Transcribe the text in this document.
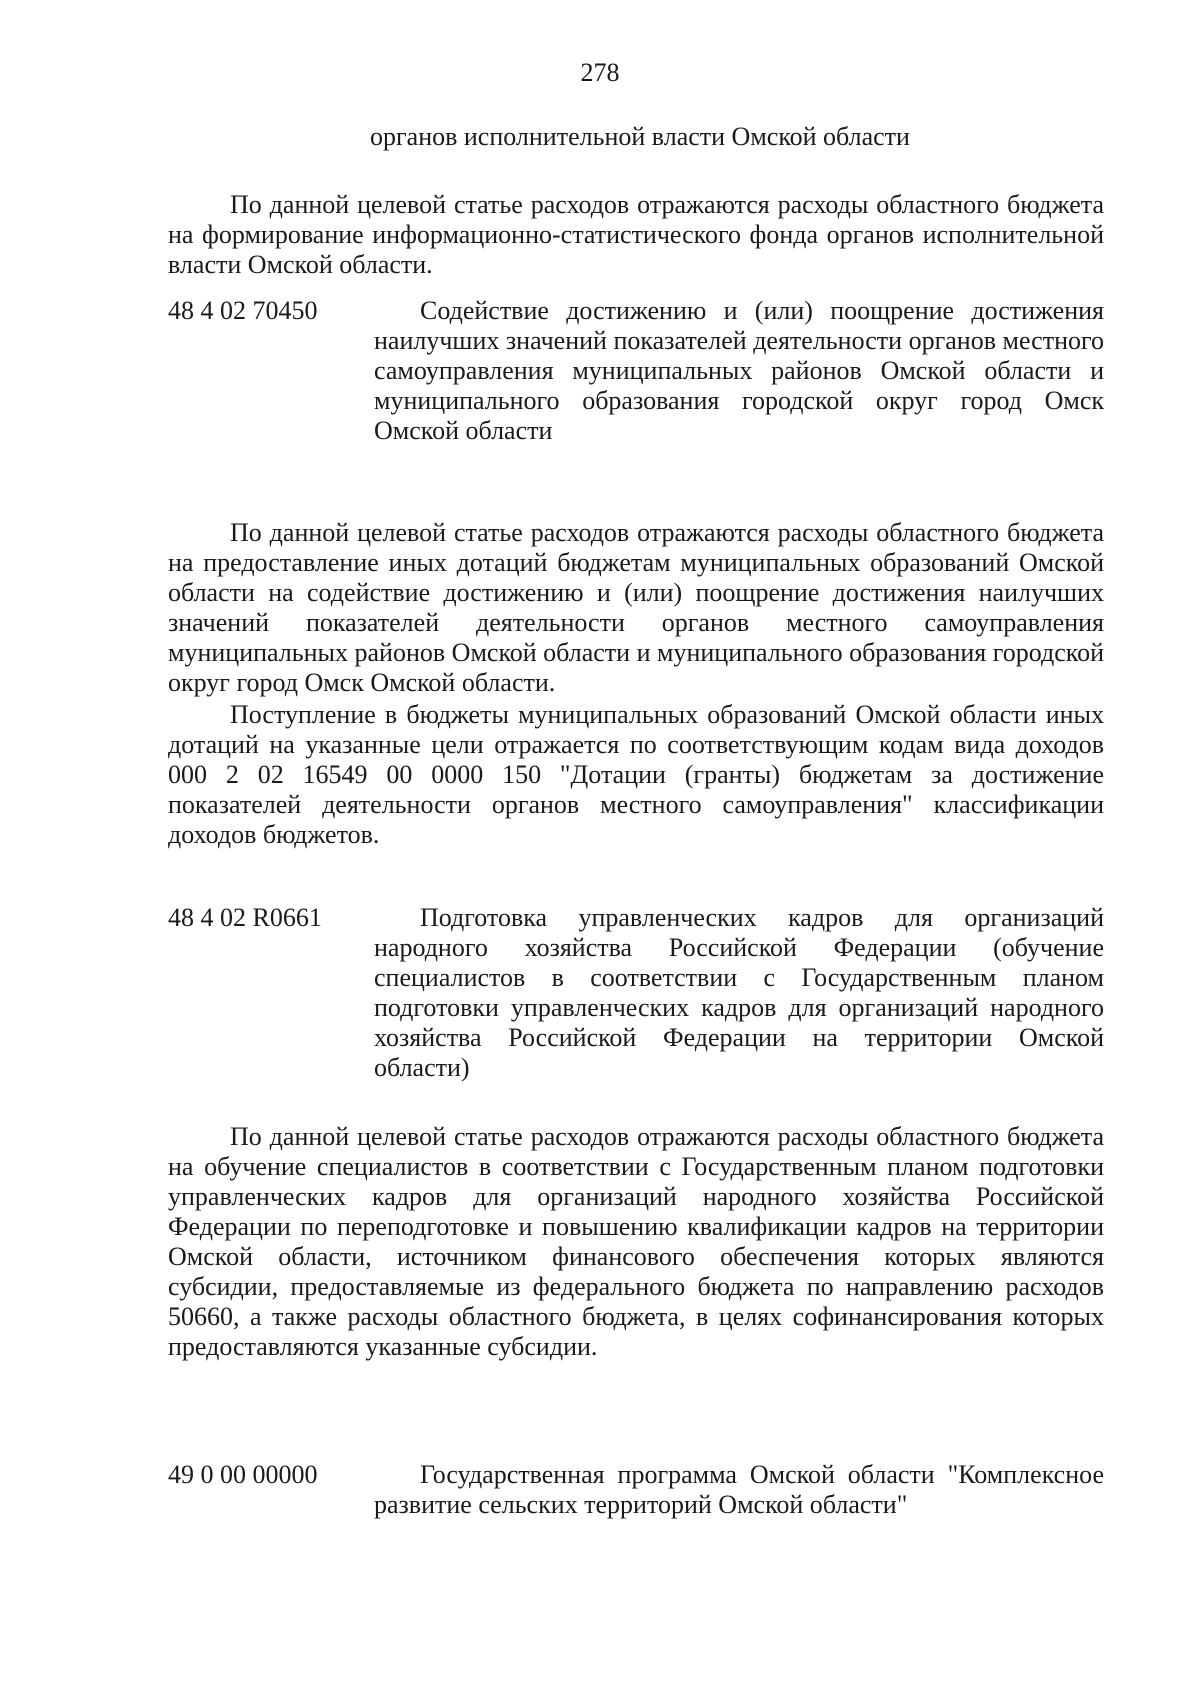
278
органов исполнительной власти Омской области

По данной целевой статье расходов отражаются расходы областного бюджета на формирование информационно-статистического фонда органов исполнительной власти Омской области.

48 4 02 70450	Содействие достижению и (или) поощрение достижения наилучших значений показателей деятельности органов местного самоуправления муниципальных районов Омской области и муниципального образования городской округ город Омск Омской области

По данной целевой статье расходов отражаются расходы областного бюджета на предоставление иных дотаций бюджетам муниципальных образований Омской области на содействие достижению и (или) поощрение достижения наилучших значений показателей деятельности органов местного самоуправления муниципальных районов Омской области и муниципального образования городской округ город Омск Омской области.

Поступление в бюджеты муниципальных образований Омской области иных дотаций на указанные цели отражается по соответствующим кодам вида доходов 000 2 02 16549 00 0000 150 "Дотации (гранты) бюджетам за достижение показателей деятельности органов местного самоуправления" классификации доходов бюджетов.

48 4 02 R0661	Подготовка управленческих кадров для организаций народного хозяйства Российской Федерации (обучение специалистов в соответствии с Государственным планом подготовки управленческих кадров для организаций народного хозяйства Российской Федерации на территории Омской области)

По данной целевой статье расходов отражаются расходы областного бюджета на обучение специалистов в соответствии с Государственным планом подготовки управленческих кадров для организаций народного хозяйства Российской Федерации по переподготовке и повышению квалификации кадров на территории Омской области, источником финансового обеспечения которых являются субсидии, предоставляемые из федерального бюджета по направлению расходов 50660, а также расходы областного бюджета, в целях софинансирования которых предоставляются указанные субсидии.

49 0 00 00000	Государственная программа Омской области "Комплексное развитие сельских территорий Омской области"
